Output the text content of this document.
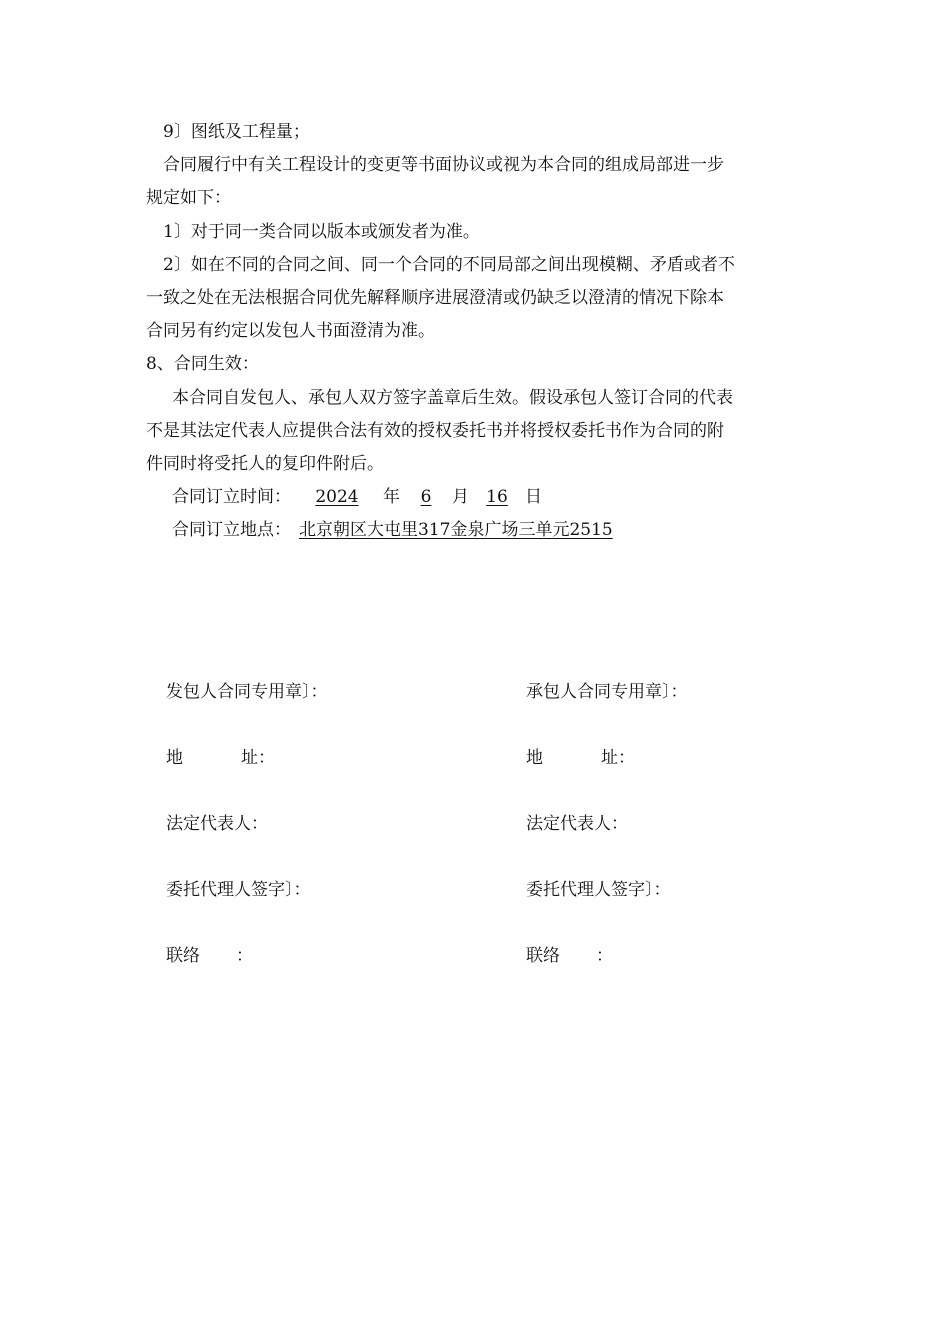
9〕图纸及工程量；

合同履行中有关工程设计的变更等书面协议或视为本合同的组成局部进一步

规定如下：

1〕对于同一类合同以版本或颁发者为准。

2〕如在不同的合同之间、同一个合同的不同局部之间出现模糊、矛盾或者不

一致之处在无法根据合同优先解释顺序进展澄清或仍缺乏以澄清的情况下除本

合同另有约定以发包人书面澄清为准。

8、合同生效：

本合同自发包人、承包人双方签字盖章后生效。假设承包人签订合同的代表

不是其法定代表人应提供合法有效的授权委托书并将授权委托书作为合同的附

件同时将受托人的复印件附后。

合同订立时间： 2024 年 6 月 16 日

合同订立地点： 北京朝区大屯里317金泉广场三单元2515

发包人合同专用章〕：
地	址：
法定代表人：
委托代理人签字〕：
联络 ：
承包人合同专用章〕：
地	址：
法定代表人：
委托代理人签字〕：
联络 ：
